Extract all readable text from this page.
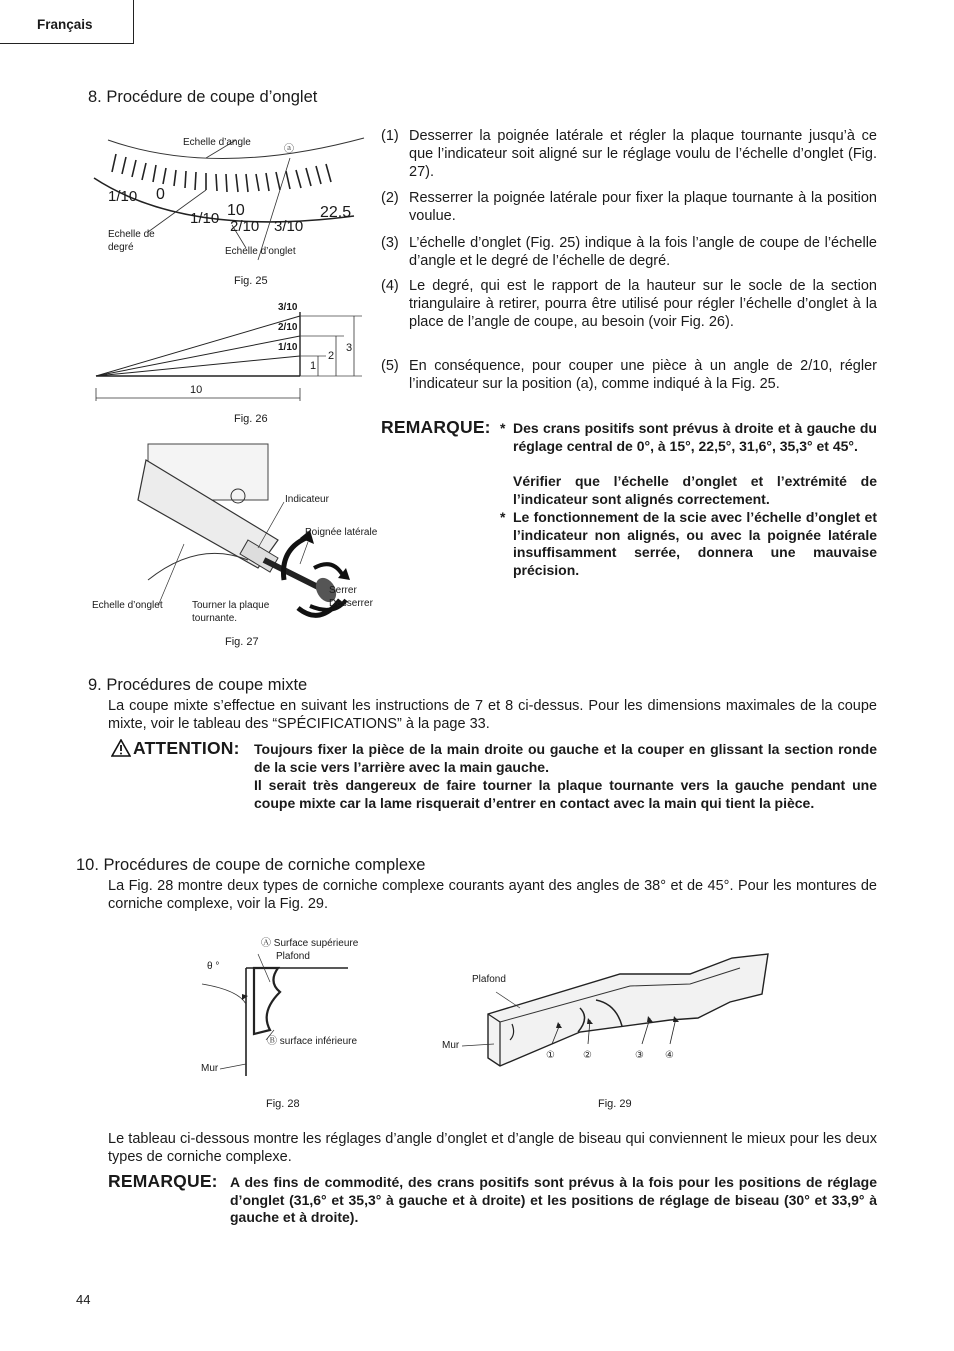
Français
8. Procédure de coupe d’onglet
Echelle d’angle
ⓐ
1/10 0
1/10 10
2/10 3/10
22.5
Echelle de
degré	Echelle d’onglet
Fig. 25
3/10
2/10
1/10
1
2
3
10
Fig. 26
Indicateur
Poignée latérale
Serrer
Desserrer
Echelle d’onglet	Tourner la plaque
tournante.
Fig. 27
(1) Desserrer la poignée latérale et régler la plaque tournante jusqu’à ce que l’indicateur soit aligné sur le réglage voulu de l’échelle d’onglet (Fig. 27).
(2) Resserrer la poignée latérale pour fixer la plaque tournante à la position voulue.
(3) L’échelle d’onglet (Fig. 25) indique à la fois l’angle de coupe de l’échelle d’angle et le degré de l’échelle de degré.
(4) Le degré, qui est le rapport de la hauteur sur le socle de la section triangulaire à retirer, pourra être utilisé pour régler l’échelle d’onglet à la place de l’angle de coupe, au besoin (voir Fig. 26).
(5) En conséquence, pour couper une pièce à un angle de 2/10, régler l’indicateur sur la position (a), comme indiqué à la Fig. 25.
REMARQUE: * Des crans positifs sont prévus à droite et à gauche du réglage central de 0°, à 15°, 22,5°, 31,6°, 35,3° et 45°.
Vérifier que l’échelle d’onglet et l’extrémité de l’indicateur sont alignés correctement.
* Le fonctionnement de la scie avec l’échelle d’onglet et l’indicateur non alignés, ou avec la poignée latérale insuffisamment serrée, donnera une mauvaise précision.
9. Procédures de coupe mixte
La coupe mixte s’effectue en suivant les instructions de 7 et 8 ci-dessus. Pour les dimensions maximales de la coupe mixte, voir le tableau des “SPÉCIFICATIONS” à la page 33.
ATTENTION: Toujours fixer la pièce de la main droite ou gauche et la couper en glissant la section ronde de la scie vers l’arrière avec la main gauche.
Il serait très dangereux de faire tourner la plaque tournante vers la gauche pendant une coupe mixte car la lame risquerait d’entrer en contact avec la main qui tient la pièce.
10. Procédures de coupe de corniche complexe
La Fig. 28 montre deux types de corniche complexe courants ayant des angles de 38° et de 45°. Pour les montures de corniche complexe, voir la Fig. 29.
θ °
Ⓐ Surface supérieure
Plafond
Ⓑ surface inférieure
Mur
Fig. 28
Plafond
Mur
①	②	③ ④
Fig. 29
Le tableau ci-dessous montre les réglages d’angle d’onglet et d’angle de biseau qui conviennent le mieux pour les deux types de corniche complexe.
REMARQUE: A des fins de commodité, des crans positifs sont prévus à la fois pour les positions de réglage d’onglet (31,6° et 35,3° à gauche et à droite) et les positions de réglage de biseau (30° et 33,9° à gauche et à droite).
44
